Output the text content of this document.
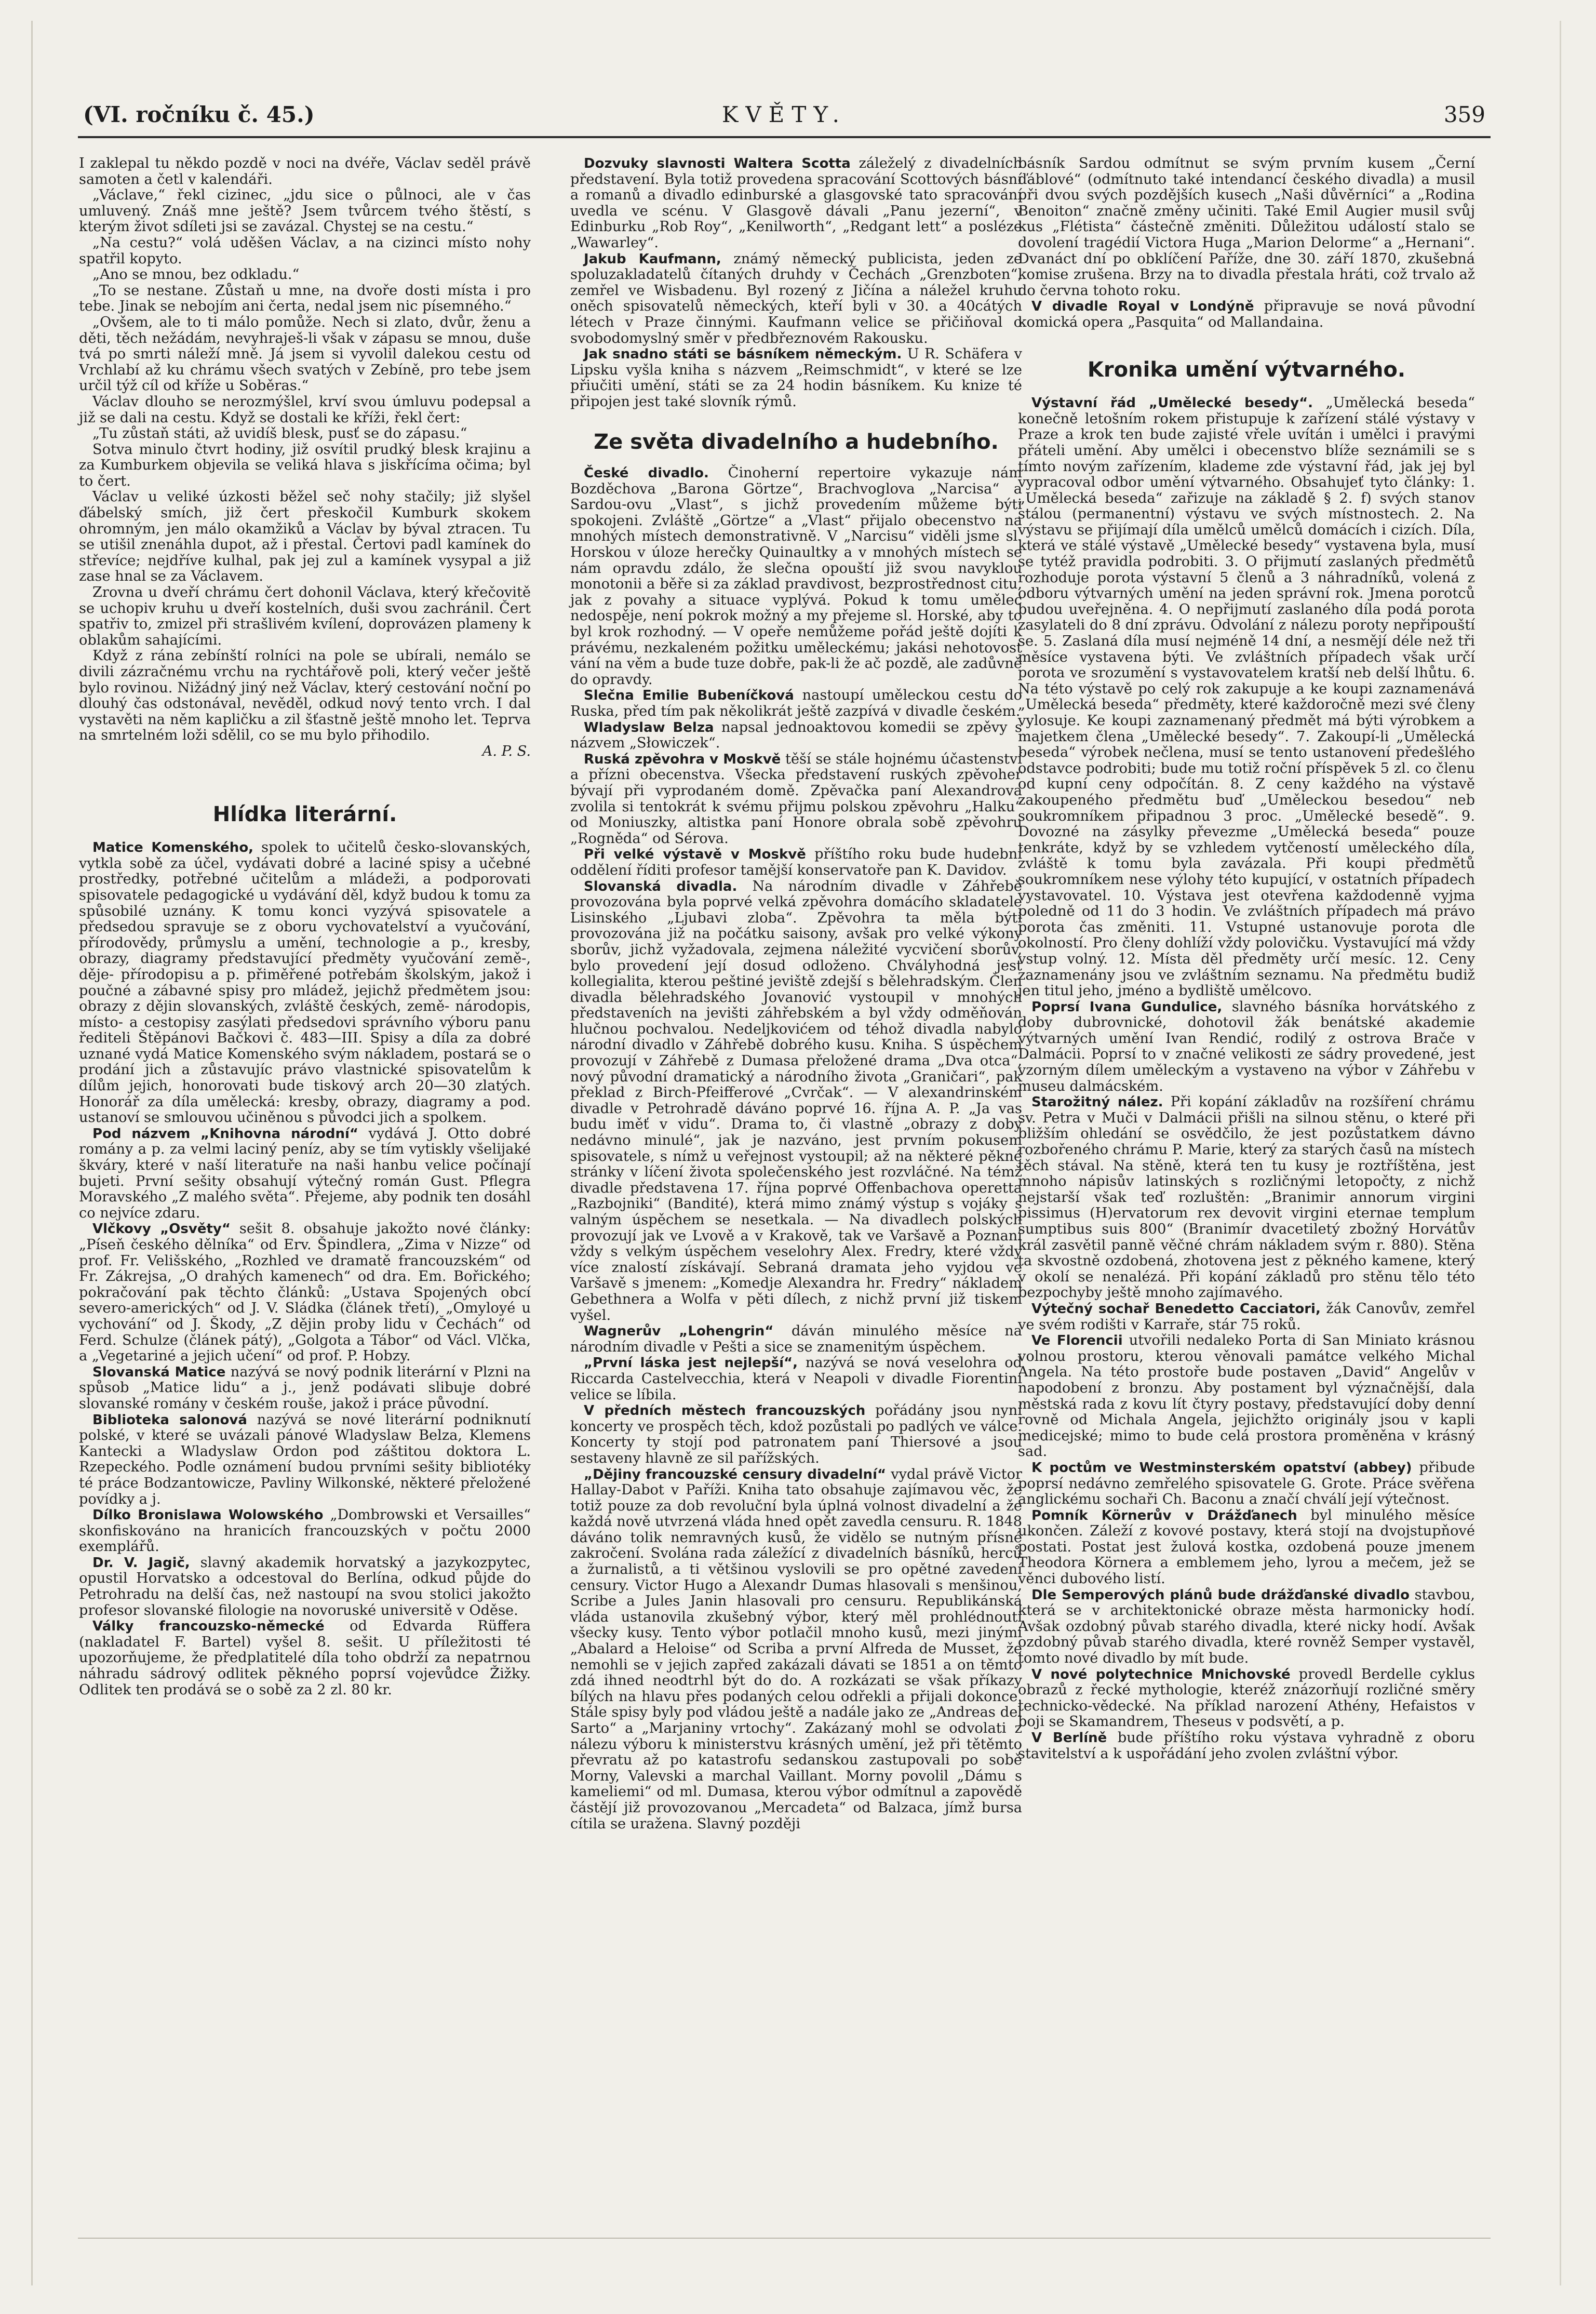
(VI. ročníku č. 45.)	KVĚTY.	359

I zaklepal tu někdo pozdě v noci na dvéře, Václav seděl právě samoten a četl v kalendáři.

„Václave,“ řekl cizinec, „jdu sice o půlnoci, ale v čas umluvený. Znáš mne ještě? Jsem tvůrcem tvého štěstí, s kterým život sdíleti jsi se zavázal. Chystej se na cestu.“

„Na cestu?“ volá uděšen Václav, a na cizinci místo nohy spatřil kopyto.

„Ano se mnou, bez odkladu.“

„To se nestane. Zůstaň u mne, na dvoře dosti místa i pro tebe. Jinak se nebojím ani čerta, nedal jsem nic písemného.“

„Ovšem, ale to ti málo pomůže. Nech si zlato, dvůr, ženu a děti, těch nežádám, nevyhraješ-li však v zápasu se mnou, duše tvá po smrti náleží mně. Já jsem si vyvolil dalekou cestu od Vrchlabí až ku chrámu všech svatých v Zebíně, pro tebe jsem určil týž cíl od kříže u Soběras.“

Václav dlouho se nerozmýšlel, krví svou úmluvu podepsal a již se dali na cestu. Když se dostali ke kříži, řekl čert:

„Tu zůstaň státi, až uvidíš blesk, pusť se do zápasu.“

Sotva minulo čtvrt hodiny, již osvítil prudký blesk krajinu a za Kumburkem objevila se veliká hlava s jiskřícíma očima; byl to čert.

Václav u veliké úzkosti běžel seč nohy stačily; již slyšel ďábelský smích, již čert přeskočil Kumburk skokem ohromným, jen málo okamžiků a Václav by býval ztracen. Tu se utišil znenáhla dupot, až i přestal. Čertovi padl kamínek do střevíce; nejdříve kulhal, pak jej zul a kamínek vysypal a již zase hnal se za Václavem.

Zrovna u dveří chrámu čert dohonil Václava, který křečovitě se uchopiv kruhu u dveří kostelních, duši svou zachránil. Čert spatřiv to, zmizel při strašlivém kvílení, doprovázen plameny k oblakům sahajícími.

Když z rána zebínští rolníci na pole se ubírali, nemálo se divili zázračnému vrchu na rychtářově poli, který večer ještě bylo rovinou. Nižádný jiný než Václav, který cestování noční po dlouhý čas odstonával, nevěděl, odkud nový tento vrch. I dal vystavěti na něm kapličku a zil šťastně ještě mnoho let. Teprva na smrtelném loži sdělil, co se mu bylo přihodilo.

A. P. S.
Hlídka literární.

Matice Komenského, spolek to učitelů česko-slovanských, vytkla sobě za účel, vydávati dobré a laciné spisy a učebné prostředky, potřebné učitelům a mládeži, a podporovati spisovatele pedagogické u vydávání děl, když budou k tomu za spůsobilé uznány. K tomu konci vyzývá spisovatele a předsedou spravuje se z oboru vychovatelství a vyučování, přírodovědy, průmyslu a umění, technologie a p., kresby, obrazy, diagramy představující předměty vyučování země-, děje- přírodopisu a p. přiměřené potřebám školským, jakož i poučné a zábavné spisy pro mládež, jejichž předmětem jsou: obrazy z dějin slovanských, zvláště českých, země- národopis, místo- a cestopisy zasýlati předsedovi správního výboru panu řediteli Štěpánovi Bačkovi č. 483—III. Spisy a díla za dobré uznané vydá Matice Komenského svým nákladem, postará se o prodání jich a zůstavujíc právo vlastnické spisovatelům k dílům jejich, honorovati bude tiskový arch 20—30 zlatých. Honorář za díla umělecká: kresby, obrazy, diagramy a pod. ustanoví se smlouvou učiněnou s původci jich a spolkem.

Pod názvem „Knihovna národní“ vydává J. Otto dobré romány a p. za velmi laciný peníz, aby se tím vytiskly všelijaké škváry, které v naší literatuře na naši hanbu velice počínají bujeti. První sešity obsahují výtečný román Gust. Pflegra Moravského „Z malého světa“. Přejeme, aby podnik ten dosáhl co nejvíce zdaru.

Vlčkovy „Osvěty“ sešit 8. obsahuje jakožto nové články: „Píseň českého dělníka“ od Erv. Špindlera, „Zima v Nizze“ od prof. Fr. Velišského, „Rozhled ve dramatě francouzském“ od Fr. Zákrejsa, „O drahých kamenech“ od dra. Em. Bořického; pokračování pak těchto článků: „Ustava Spojených obcí severo-amerických“ od J. V. Sládka (článek třetí), „Omyloyé u vychování“ od J. Škody, „Z dějin proby lidu v Čechách“ od Ferd. Schulze (článek pátý), „Golgota a Tábor“ od Václ. Vlčka, a „Vegetariné a jejich učení“ od prof. P. Hobzy.

Slovanská Matice nazývá se nový podnik literární v Plzni na spůsob „Matice lidu“ a j., jenž podávati slibuje dobré slovanské romány v českém rouše, jakož i práce původní.

Biblioteka salonová nazývá se nové literární podniknutí polské, v které se uvázali pánové Wladyslaw Belza, Klemens Kantecki a Wladyslaw Ordon pod záštitou doktora L. Rzepeckého. Podle oznámení budou prvními sešity bibliotéky té práce Bodzantowicze, Pavliny Wilkonské, některé přeložené povídky a j.

Dílko Bronislawa Wolowského „Dombrowski et Versailles“ skonfiskováno na hranicích francouzských v počtu 2000 exemplářů.

Dr. V. Jagič, slavný akademik horvatský a jazykozpytec, opustil Horvatsko a odcestoval do Berlína, odkud půjde do Petrohradu na delší čas, než nastoupí na svou stolici jakožto profesor slovanské filologie na novoruské universitě v Oděse.

Války francouzsko-německé od Edvarda Rüffera (nakladatel F. Bartel) vyšel 8. sešit. U příležitosti té upozorňujeme, že předplatitelé díla toho obdrží za nepatrnou náhradu sádrový odlitek pěkného poprsí vojevůdce Žižky. Odlitek ten prodává se o sobě za 2 zl. 80 kr.

Dozvuky slavnosti Waltera Scotta záleželý z divadelních představení. Byla totiž provedena spracování Scottových básní a romanů a divadlo edinburské a glasgovské tato spracování uvedla ve scénu. V Glasgově dávali „Panu jezerní“, v Edinburku „Rob Roy“, „Kenilworth“, „Redgant lett“ a posléze „Wawarley“.

Jakub Kaufmann, známý německý publicista, jeden ze spoluzakladatelů čítaných druhdy v Čechách „Grenzboten“, zemřel ve Wisbadenu. Byl rozený z Jičína a náležel kruhu oněch spisovatelů německých, kteří byli v 30. a 40cátých létech v Praze činnými. Kaufmann velice se přičiňoval o svobodomyslný směr v předbřeznovém Rakousku.

Jak snadno státi se básníkem německým. U R. Schäfera v Lipsku vyšla kniha s názvem „Reimschmidt“, v které se lze přiučiti umění, státi se za 24 hodin básníkem. Ku knize té připojen jest také slovník rýmů.

Ze světa divadelního a hudebního.

České divadlo. Činoherní repertoire vykazuje nám Bozděchova „Barona Görtze“, Brachvoglova „Narcisa“ a Sardou-ovu „Vlast“, s jichž provedením můžeme býti spokojeni. Zvláště „Görtze“ a „Vlast“ přijalo obecenstvo na mnohých místech demonstrativně. V „Narcisu“ viděli jsme sl. Horskou v úloze herečky Quinaultky a v mnohých místech se nám opravdu zdálo, že slečna opouští již svou navyklou monotonii a běře si za základ pravdivost, bezprostřednost citu, jak z povahy a situace vyplývá. Pokud k tomu umělec nedospěje, není pokrok možný a my přejeme sl. Horské, aby to byl krok rozhodný. — V opeře nemůžeme pořád ještě dojíti k právému, nezkaleném požitku uměleckému; jakási nehotovost vání na věm a bude tuze dobře, pak-li že ač pozdě, ale zadůvně do opravdy.

Slečna Emilie Bubeníčková nastoupí uměleckou cestu do Ruska, před tím pak několikrát ještě zazpívá v divadle českém.

Wladyslaw Belza napsal jednoaktovou komedii se zpěvy s názvem „Słowiczek“.

Ruská zpěvohra v Moskvě těší se stále hojnému účastenství a přízni obecenstva. Všecka představení ruských zpěvoher bývají při vyprodaném domě. Zpěvačka paní Alexandrova zvolila si tentokrát k svému přijmu polskou zpěvohru „Halku“ od Moniuszky, altistka paní Honore obrala sobě zpěvohru „Rogněda“ od Sérova.

Při velké výstavě v Moskvě příštího roku bude hudební oddělení říditi profesor tamější konservatoře pan K. Davidov.

Slovanská divadla. Na národním divadle v Záhřebě provozována byla poprvé velká zpěvohra domácího skladatele Lisinského „Ljubavi zloba“. Zpěvohra ta měla býti provozována již na počátku saisony, avšak pro velké výkony sborův, jichž vyžadovala, zejmena náležité vycvičení sborův, bylo provedení její dosud odloženo. Chvályhodná jest kollegialita, kterou peštiné jeviště zdejší s bělehradským. Člen divadla bělehradského Jovanović vystoupil v mnohých představeních na jevišti záhřebském a byl vždy odměňován hlučnou pochvalou. Nedeljkovićem od téhož divadla nabylo národní divadlo v Záhřebě dobrého kusu. Kniha. S úspěchem provozují v Záhřebě z Dumasa přeložené drama „Dva otca“, nový původní dramatický a národního života „Graničari“, pak překlad z Birch-Pfeifferové „Cvrčak“. — V alexandrinském divadle v Petrohradě dáváno poprvé 16. října A. P. „Ja vas budu iměť v vidu“. Drama to, či vlastně „obrazy z doby nedávno minulé“, jak je nazváno, jest prvním pokusem spisovatele, s nímž u veřejnost vystoupil; až na některé pěkné stránky v líčení života společenského jest rozvláčné. Na témž divadle představena 17. října poprvé Offenbachova operetta „Razbojniki“ (Bandité), která mimo známý výstup s vojáky s valným úspěchem se nesetkala. — Na divadlech polských provozují jak ve Lvově a v Krakově, tak ve Varšavě a Poznani vždy s velkým úspěchem veselohry Alex. Fredry, které vždy více znalostí získávají. Sebraná dramata jeho vyjdou ve Varšavě s jmenem: „Komedje Alexandra hr. Fredry“ nákladem Gebethnera a Wolfa v pěti dílech, z nichž první již tiskem vyšel.

Wagnerův „Lohengrin“ dáván minulého měsíce na národním divadle v Pešti a sice se znamenitým úspěchem.

„První láska jest nejlepší“, nazývá se nová veselohra od Riccarda Castelvecchia, která v Neapoli v divadle Fiorentini velice se líbila.

V předních městech francouzských pořádány jsou nyní koncerty ve prospěch těch, kdož pozůstali po padlých ve válce. Koncerty ty stojí pod patronatem paní Thiersové a jsou sestaveny hlavně ze sil pařížských.

„Dějiny francouzské censury divadelní“ vydal právě Victor Hallay-Dabot v Paříži. Kniha tato obsahuje zajímavou věc, že totiž pouze za dob revoluční byla úplná volnost divadelní a že každá nově utvrzená vláda hned opět zavedla censuru. R. 1848 dáváno tolik nemravných kusů, že vidělo se nutným přísné zakročení. Svolána rada záležící z divadelních básníků, herců a žurnalistů, a ti většinou vyslovili se pro opětné zavedení censury. Victor Hugo a Alexandr Dumas hlasovali s menšinou, Scribe a Jules Janin hlasovali pro censuru. Republikánská vláda ustanovila zkušebný výbor, který měl prohlédnouti všecky kusy. Tento výbor potlačil mnoho kusů, mezi jinými „Abalard a Heloise“ od Scriba a první Alfreda de Musset, že nemohli se v jejich zapřed zakázali dávati se 1851 a on těmto zdá ihned neodtrhl být do do. A rozkázati se však příkazy bílých na hlavu přes podaných celou odřekli a přijali dokonce. Stále spisy byly pod vládou ještě a nadále jako ze „Andreas del Sarto“ a „Marjaniny vrtochy“. Zakázaný mohl se odvolati z nálezu výboru k ministerstvu krásných umění, jež při tětěmto převratu až po katastrofu sedanskou zastupovali po sobě Morny, Valevski a marchal Vaillant. Morny povolil „Dámu s kameliemi“ od ml. Dumasa, kterou výbor odmítnul a zapovědě částějí již provozovanou „Mercadeta“ od Balzaca, jímž bursa cítila se uražena. Slavný později

básník Sardou odmítnut se svým prvním kusem „Černí ďáblové“ (odmítnuto také intendancí českého divadla) a musil při dvou svých pozdějších kusech „Naši důvěrníci“ a „Rodina Benoiton“ značně změny učiniti. Také Emil Augier musil svůj kus „Flétista“ částečně změniti. Důležitou událostí stalo se dovolení tragédií Victora Huga „Marion Delorme“ a „Hernani“. Dvanáct dní po obklíčení Paříže, dne 30. září 1870, zkušebná komise zrušena. Brzy na to divadla přestala hráti, což trvalo až do června tohoto roku.

V divadle Royal v Londýně připravuje se nová původní komická opera „Pasquita“ od Mallandaina.

Kronika umění výtvarného.

Výstavní řád „Umělecké besedy“. „Umělecká beseda“ konečně letošním rokem přistupuje k zařízení stálé výstavy v Praze a krok ten bude zajisté vřele uvítán i umělci i pravými přáteli umění. Aby umělci i obecenstvo blíže seznámili se s tímto novým zařízením, klademe zde výstavní řád, jak jej byl vypracoval odbor umění výtvarného. Obsahujeť tyto články: 1. „Umělecká beseda“ zařizuje na základě § 2. f) svých stanov stálou (permanentní) výstavu ve svých místnostech. 2. Na výstavu se přijímají díla umělců umělců domácích i cizích. Díla, která ve stálé výstavě „Umělecké besedy“ vystavena byla, musí se tytéž pravidla podrobiti. 3. O přijmutí zaslaných předmětů rozhoduje porota výstavní 5 členů a 3 náhradníků, volená z odboru výtvarných umění na jeden správní rok. Jmena porotců budou uveřejněna. 4. O nepřijmutí zaslaného díla podá porota zasylateli do 8 dní zprávu. Odvolání z nálezu poroty nepřipouští se. 5. Zaslaná díla musí nejméně 14 dní, a nesmějí déle než tři měsíce vystavena býti. Ve zvláštních případech však určí porota ve srozumění s vystavovatelem kratší neb delší lhůtu. 6. Na této výstavě po celý rok zakupuje a ke koupi zaznamenává „Umělecká beseda“ předměty, které každoročně mezi své členy vylosuje. Ke koupi zaznamenaný předmět má býti výrobkem a majetkem člena „Umělecké besedy“. 7. Zakoupí-li „Umělecká beseda“ výrobek nečlena, musí se tento ustanovení předešlého odstavce podrobiti; bude mu totiž roční příspěvek 5 zl. co členu od kupní ceny odpočítán. 8. Z ceny každého na výstavě zakoupeného předmětu buď „Uměleckou besedou“ neb soukromníkem připadnou 3 proc. „Umělecké besedě“. 9. Dovozné na zásylky převezme „Umělecká beseda“ pouze tenkráte, když by se vzhledem vytčeností uměleckého díla, zvláště k tomu byla zavázala. Při koupi předmětů soukromníkem nese výlohy této kupující, v ostatních případech vystavovatel. 10. Výstava jest otevřena každodenně vyjma poledně od 11 do 3 hodin. Ve zvláštních případech má právo porota čas změniti. 11. Vstupné ustanovuje porota dle okolností. Pro členy dohlíží vždy polovičku. Vystavující má vždy vstup volný. 12. Místa děl předměty určí mesíc. 12. Ceny zaznamenány jsou ve zvláštním seznamu. Na předmětu budiž jen titul jeho, jméno a bydliště umělcovo.

Poprsí Ivana Gundulice, slavného básníka horvátského z doby dubrovnické, dohotovil žák benátské akademie výtvarných umění Ivan Rendić, rodilý z ostrova Brače v Dalmácii. Poprsí to v značné velikosti ze sádry provedené, jest vzorným dílem uměleckým a vystaveno na výbor v Záhřebu v museu dalmácském.

Starožitný nález. Při kopání základův na rozšíření chrámu sv. Petra v Muči v Dalmácii přišli na silnou stěnu, o které při bližším ohledání se osvědčilo, že jest pozůstatkem dávno rozbořeného chrámu P. Marie, který za starých časů na místech těch stával. Na stěně, která ten tu kusy je roztříštěna, jest mnoho nápisův latinských s rozličnými letopočty, z nichž nejstarší však teď rozluštěn: „Branimir annorum virgini pissimus (H)ervatorum rex devovit virgini eternae templum sumptibus suis 800“ (Branimír dvacetiletý zbožný Horvátův král zasvětil panně věčné chrám nákladem svým r. 880). Stěna ta skvostně ozdobená, zhotovena jest z pěkného kamene, který v okolí se nenalézá. Při kopání základů pro stěnu tělo této bezpochyby ještě mnoho zajímavého.

Výtečný sochař Benedetto Cacciatori, žák Canovův, zemřel ve svém rodišti v Karraře, stár 75 roků.

Ve Florencii utvořili nedaleko Porta di San Miniato krásnou volnou prostoru, kterou věnovali památce velkého Michal Angela. Na této prostoře bude postaven „David“ Angelův v napodobení z bronzu. Aby postament byl význačnější, dala městská rada z kovu lít čtyry postavy, představující doby denní rovně od Michala Angela, jejichžto originály jsou v kapli medicejské; mimo to bude celá prostora proměněna v krásný sad.

K poctům ve Westminsterském opatství (abbey) přibude poprsí nedávno zemřelého spisovatele G. Grote. Práce svěřena anglickému sochaři Ch. Baconu a značí chválí její výtečnost.

Pomník Körnerův v Drážďanech byl minulého měsíce ukončen. Záleží z kovové postavy, která stojí na dvojstupňové postati. Postat jest žulová kostka, ozdobená pouze jmenem Theodora Körnera a emblemem jeho, lyrou a mečem, jež se věnci dubového listí.

Dle Semperových plánů bude drážďanské divadlo stavbou, která se v architektonické obraze města harmonicky hodí. Avšak ozdobný půvab starého divadla, které nicky hodí. Avšak ozdobný půvab starého divadla, které rovněž Semper vystavěl, tomto nové divadlo by mít bude.

V nové polytechnice Mnichovské provedl Berdelle cyklus obrazů z řecké mythologie, kteréž znázorňují rozličné směry technicko-vědecké. Na příklad narození Athény, Hefaistos v boji se Skamandrem, Theseus v podsvětí, a p.

V Berlíně bude příštího roku výstava vyhradně z oboru stavitelství a k uspořádání jeho zvolen zvláštní výbor.
